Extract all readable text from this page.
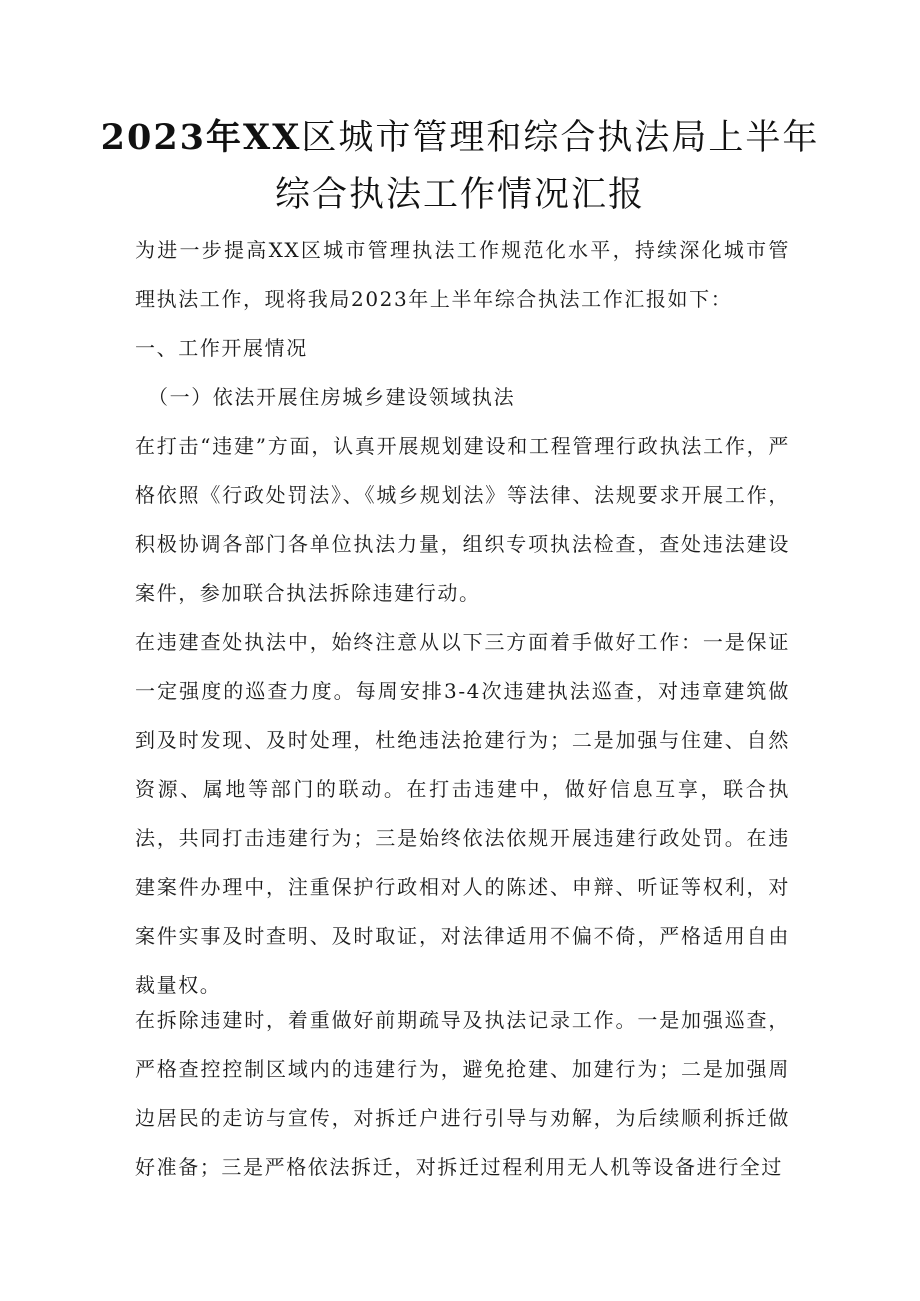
2023年XX区城市管理和综合执法局上半年
综合执法工作情况汇报

为进一步提高XX区城市管理执法工作规范化水平，持续深化城市管理执法工作，现将我局2023年上半年综合执法工作汇报如下：

一、工作开展情况

（一）依法开展住房城乡建设领域执法

在打击“违建”方面，认真开展规划建设和工程管理行政执法工作，严格依照《行政处罚法》、《城乡规划法》等法律、法规要求开展工作，积极协调各部门各单位执法力量，组织专项执法检查，查处违法建设案件，参加联合执法拆除违建行动。

在违建查处执法中，始终注意从以下三方面着手做好工作：一是保证一定强度的巡查力度。每周安排3-4次违建执法巡查，对违章建筑做到及时发现、及时处理，杜绝违法抢建行为；二是加强与住建、自然资源、属地等部门的联动。在打击违建中，做好信息互享，联合执法，共同打击违建行为；三是始终依法依规开展违建行政处罚。在违建案件办理中，注重保护行政相对人的陈述、申辩、听证等权利，对案件实事及时查明、及时取证，对法律适用不偏不倚，严格适用自由裁量权。

在拆除违建时，着重做好前期疏导及执法记录工作。一是加强巡查，严格查控控制区域内的违建行为，避免抢建、加建行为；二是加强周边居民的走访与宣传，对拆迁户进行引导与劝解，为后续顺利拆迁做好准备；三是严格依法拆迁，对拆迁过程利用无人机等设备进行全过
